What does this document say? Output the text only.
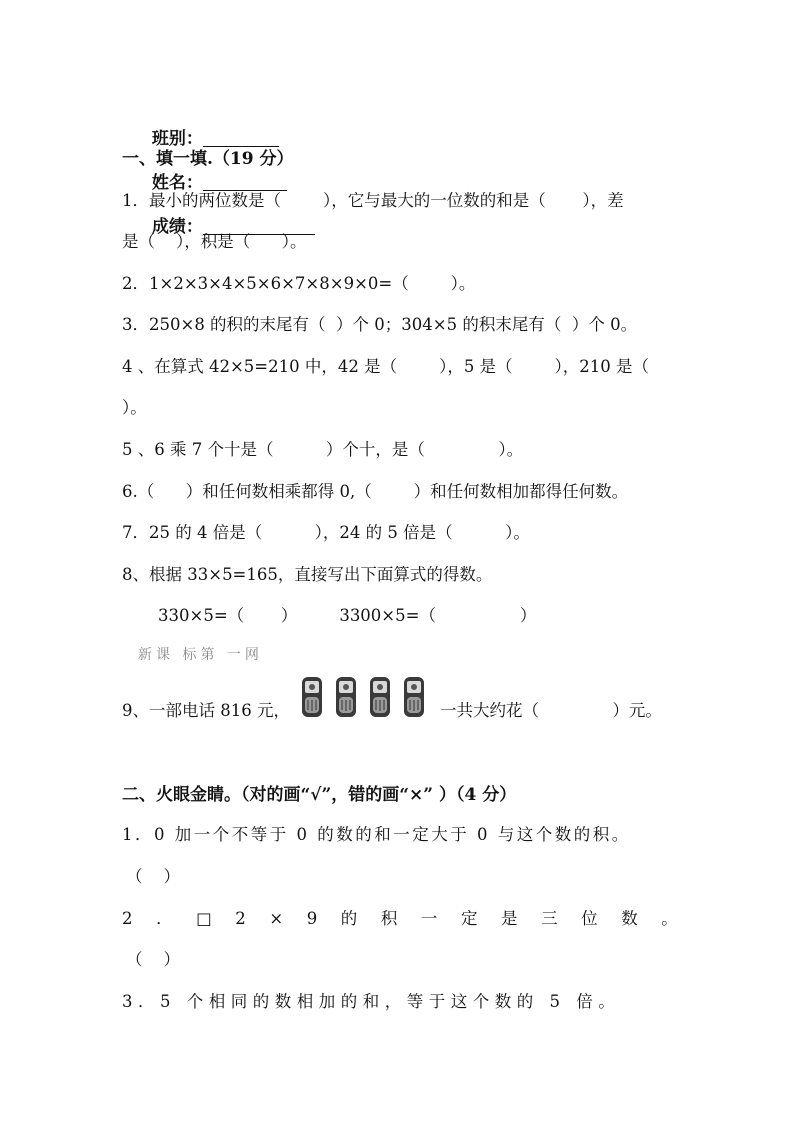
班别：

姓名：

成绩：

一、填一填.（19 分）
1．最小的两位数是（        ），它与最大的一位数的和是（       ），差
是（    ），积是（      ）。
2．1×2×3×4×5×6×7×8×9×0=（        ）。
3．250×8 的积的末尾有（  ）个 0；304×5 的积末尾有（  ）个 0。
4 、在算式 42×5=210 中，42 是（        ），5 是（        ），210 是（
）。
5 、6 乘 7 个十是（          ）个十，是（              ）。
6.（      ）和任何数相乘都得 0,（        ）和任何数相加都得任何数。
7．25 的 4 倍是（          ），24 的 5 倍是（          ）。
8、根据 33×5=165，直接写出下面算式的得数。
330×5=（       ）        3300×5=（                ）
新课 标第 一网
9、一部电话 816 元，	一共大约花（              ）元。
二、火眼金睛。（对的画“√”，错的画“×” ）（4 分）
1．0 加一个不等于 0 的数的和一定大于 0 与这个数的积。
（    ）
2 ． □ 2 × 9 的 积 一 定 是 三 位 数 。
（    ）
3．5 个相同的数相加的和，等于这个数的 5 倍。
